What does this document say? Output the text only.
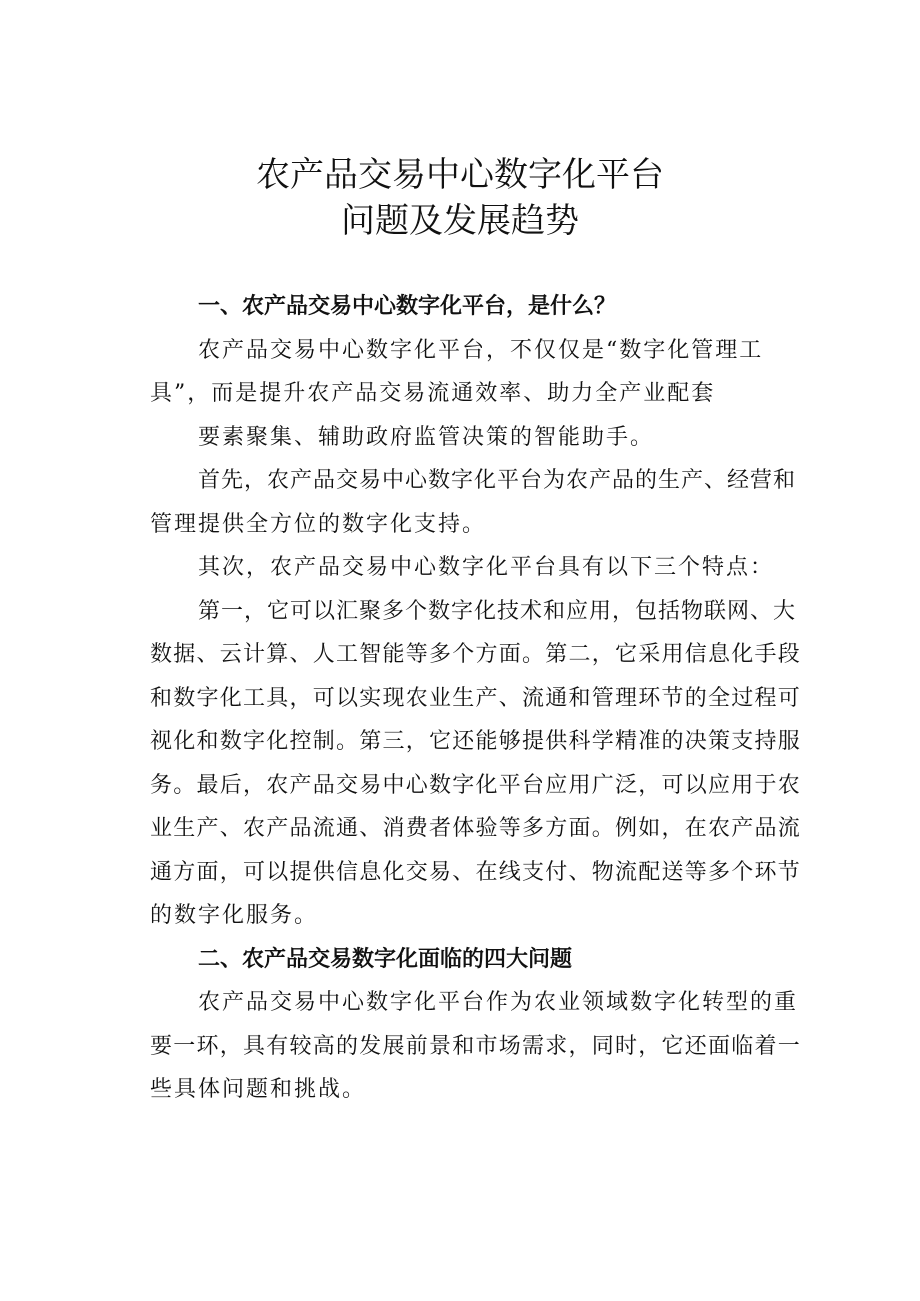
农产品交易中心数字化平台
问题及发展趋势
一、农产品交易中心数字化平台，是什么？
农产品交易中心数字化平台，不仅仅是“数字化管理工
具”，而是提升农产品交易流通效率、助力全产业配套
要素聚集、辅助政府监管决策的智能助手。
首先，农产品交易中心数字化平台为农产品的生产、经营和
管理提供全方位的数字化支持。
其次，农产品交易中心数字化平台具有以下三个特点：
第一，它可以汇聚多个数字化技术和应用，包括物联网、大
数据、云计算、人工智能等多个方面。第二，它采用信息化手段
和数字化工具，可以实现农业生产、流通和管理环节的全过程可
视化和数字化控制。第三，它还能够提供科学精准的决策支持服
务。最后，农产品交易中心数字化平台应用广泛，可以应用于农
业生产、农产品流通、消费者体验等多方面。例如，在农产品流
通方面，可以提供信息化交易、在线支付、物流配送等多个环节
的数字化服务。
二、农产品交易数字化面临的四大问题
农产品交易中心数字化平台作为农业领域数字化转型的重
要一环，具有较高的发展前景和市场需求，同时，它还面临着一
些具体问题和挑战。
